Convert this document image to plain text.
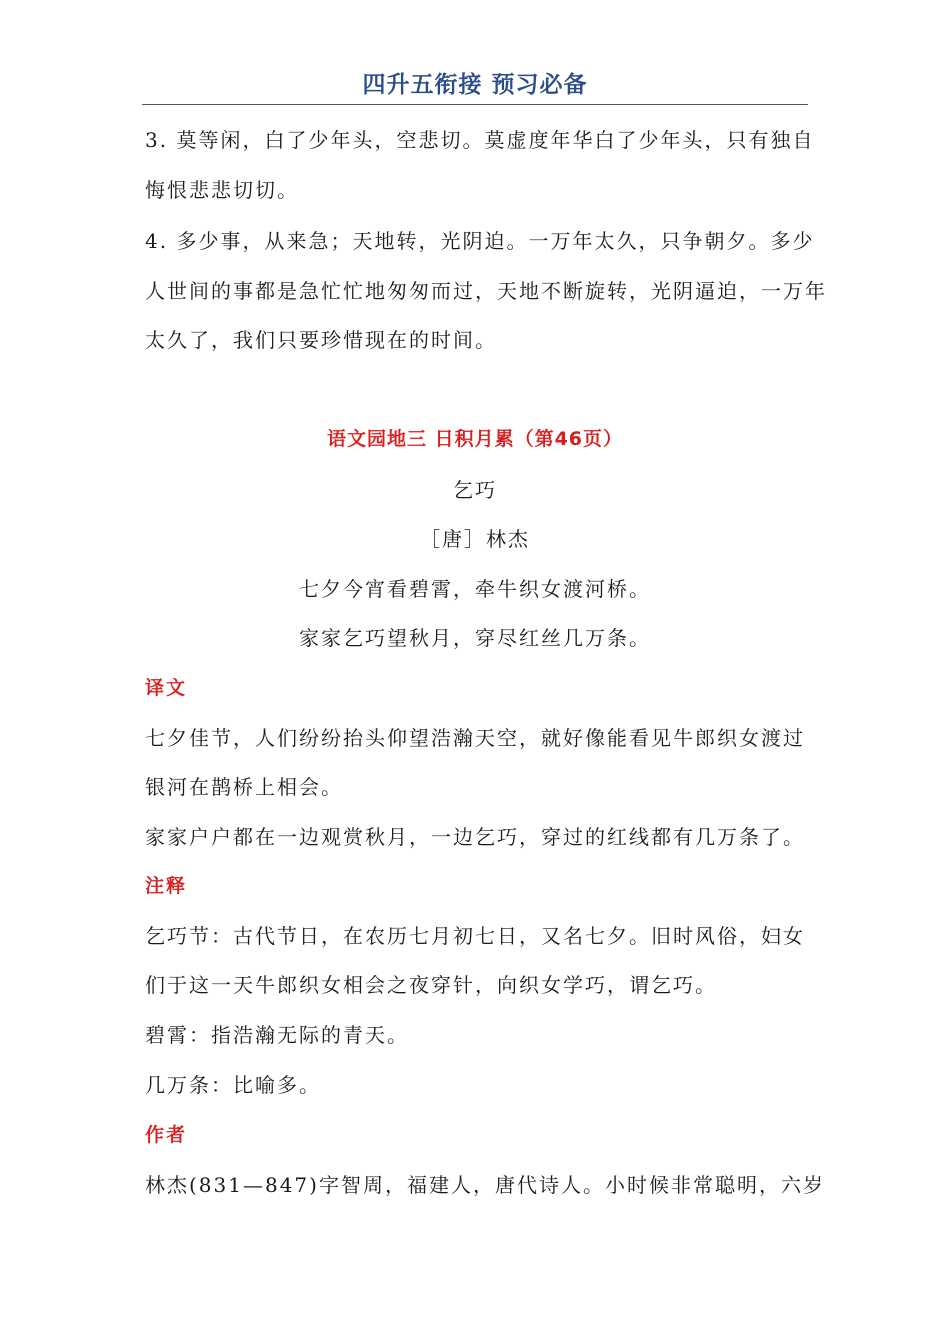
四升五衔接 预习必备
3. 莫等闲，白了少年头，空悲切。莫虚度年华白了少年头，只有独自
悔恨悲悲切切。
4. 多少事，从来急；天地转，光阴迫。一万年太久，只争朝夕。多少
人世间的事都是急忙忙地匆匆而过，天地不断旋转，光阴逼迫，一万年
太久了，我们只要珍惜现在的时间。
语文园地三 日积月累（第46页）
乞巧
［唐］林杰
七夕今宵看碧霄，牵牛织女渡河桥。
家家乞巧望秋月，穿尽红丝几万条。
译文
七夕佳节，人们纷纷抬头仰望浩瀚天空，就好像能看见牛郎织女渡过
银河在鹊桥上相会。
家家户户都在一边观赏秋月，一边乞巧，穿过的红线都有几万条了。
注释
乞巧节：古代节日，在农历七月初七日，又名七夕。旧时风俗，妇女
们于这一天牛郎织女相会之夜穿针，向织女学巧，谓乞巧。
碧霄：指浩瀚无际的青天。
几万条：比喻多。
作者
林杰(831—847)字智周，福建人，唐代诗人。小时候非常聪明，六岁
